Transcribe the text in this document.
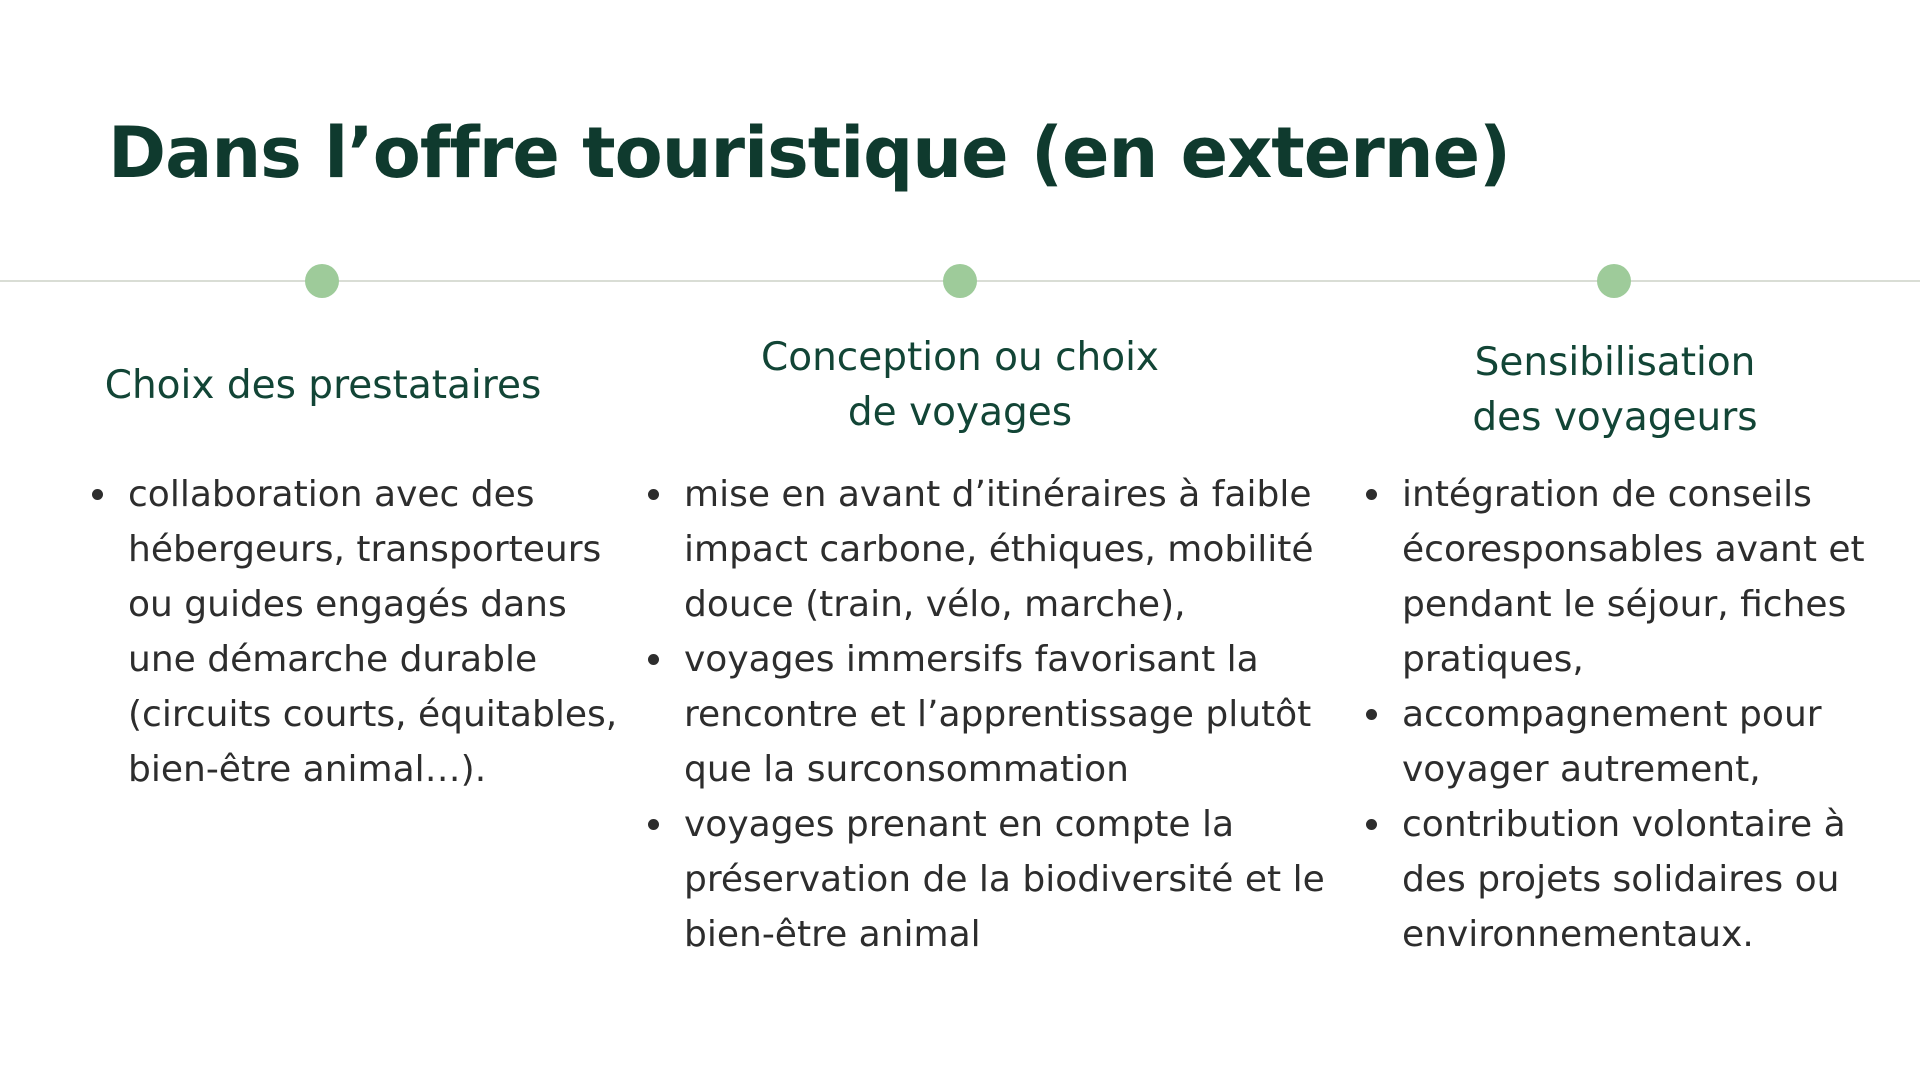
Dans l’offre touristique (en externe)
Choix des prestataires
Conception ou choix
de voyages
Sensibilisation
des voyageurs
collaboration avec des hébergeurs, transporteurs ou guides engagés dans une démarche durable (circuits courts, équitables, bien-être animal…).
mise en avant d’itinéraires à faible impact carbone, éthiques, mobilité douce (train, vélo, marche),
voyages immersifs favorisant la rencontre et l’apprentissage plutôt que la surconsommation
voyages prenant en compte la préservation de la biodiversité et le bien-être animal
intégration de conseils écoresponsables avant et pendant le séjour, fiches pratiques,
accompagnement pour voyager autrement,
contribution volontaire à des projets solidaires ou environnementaux.
